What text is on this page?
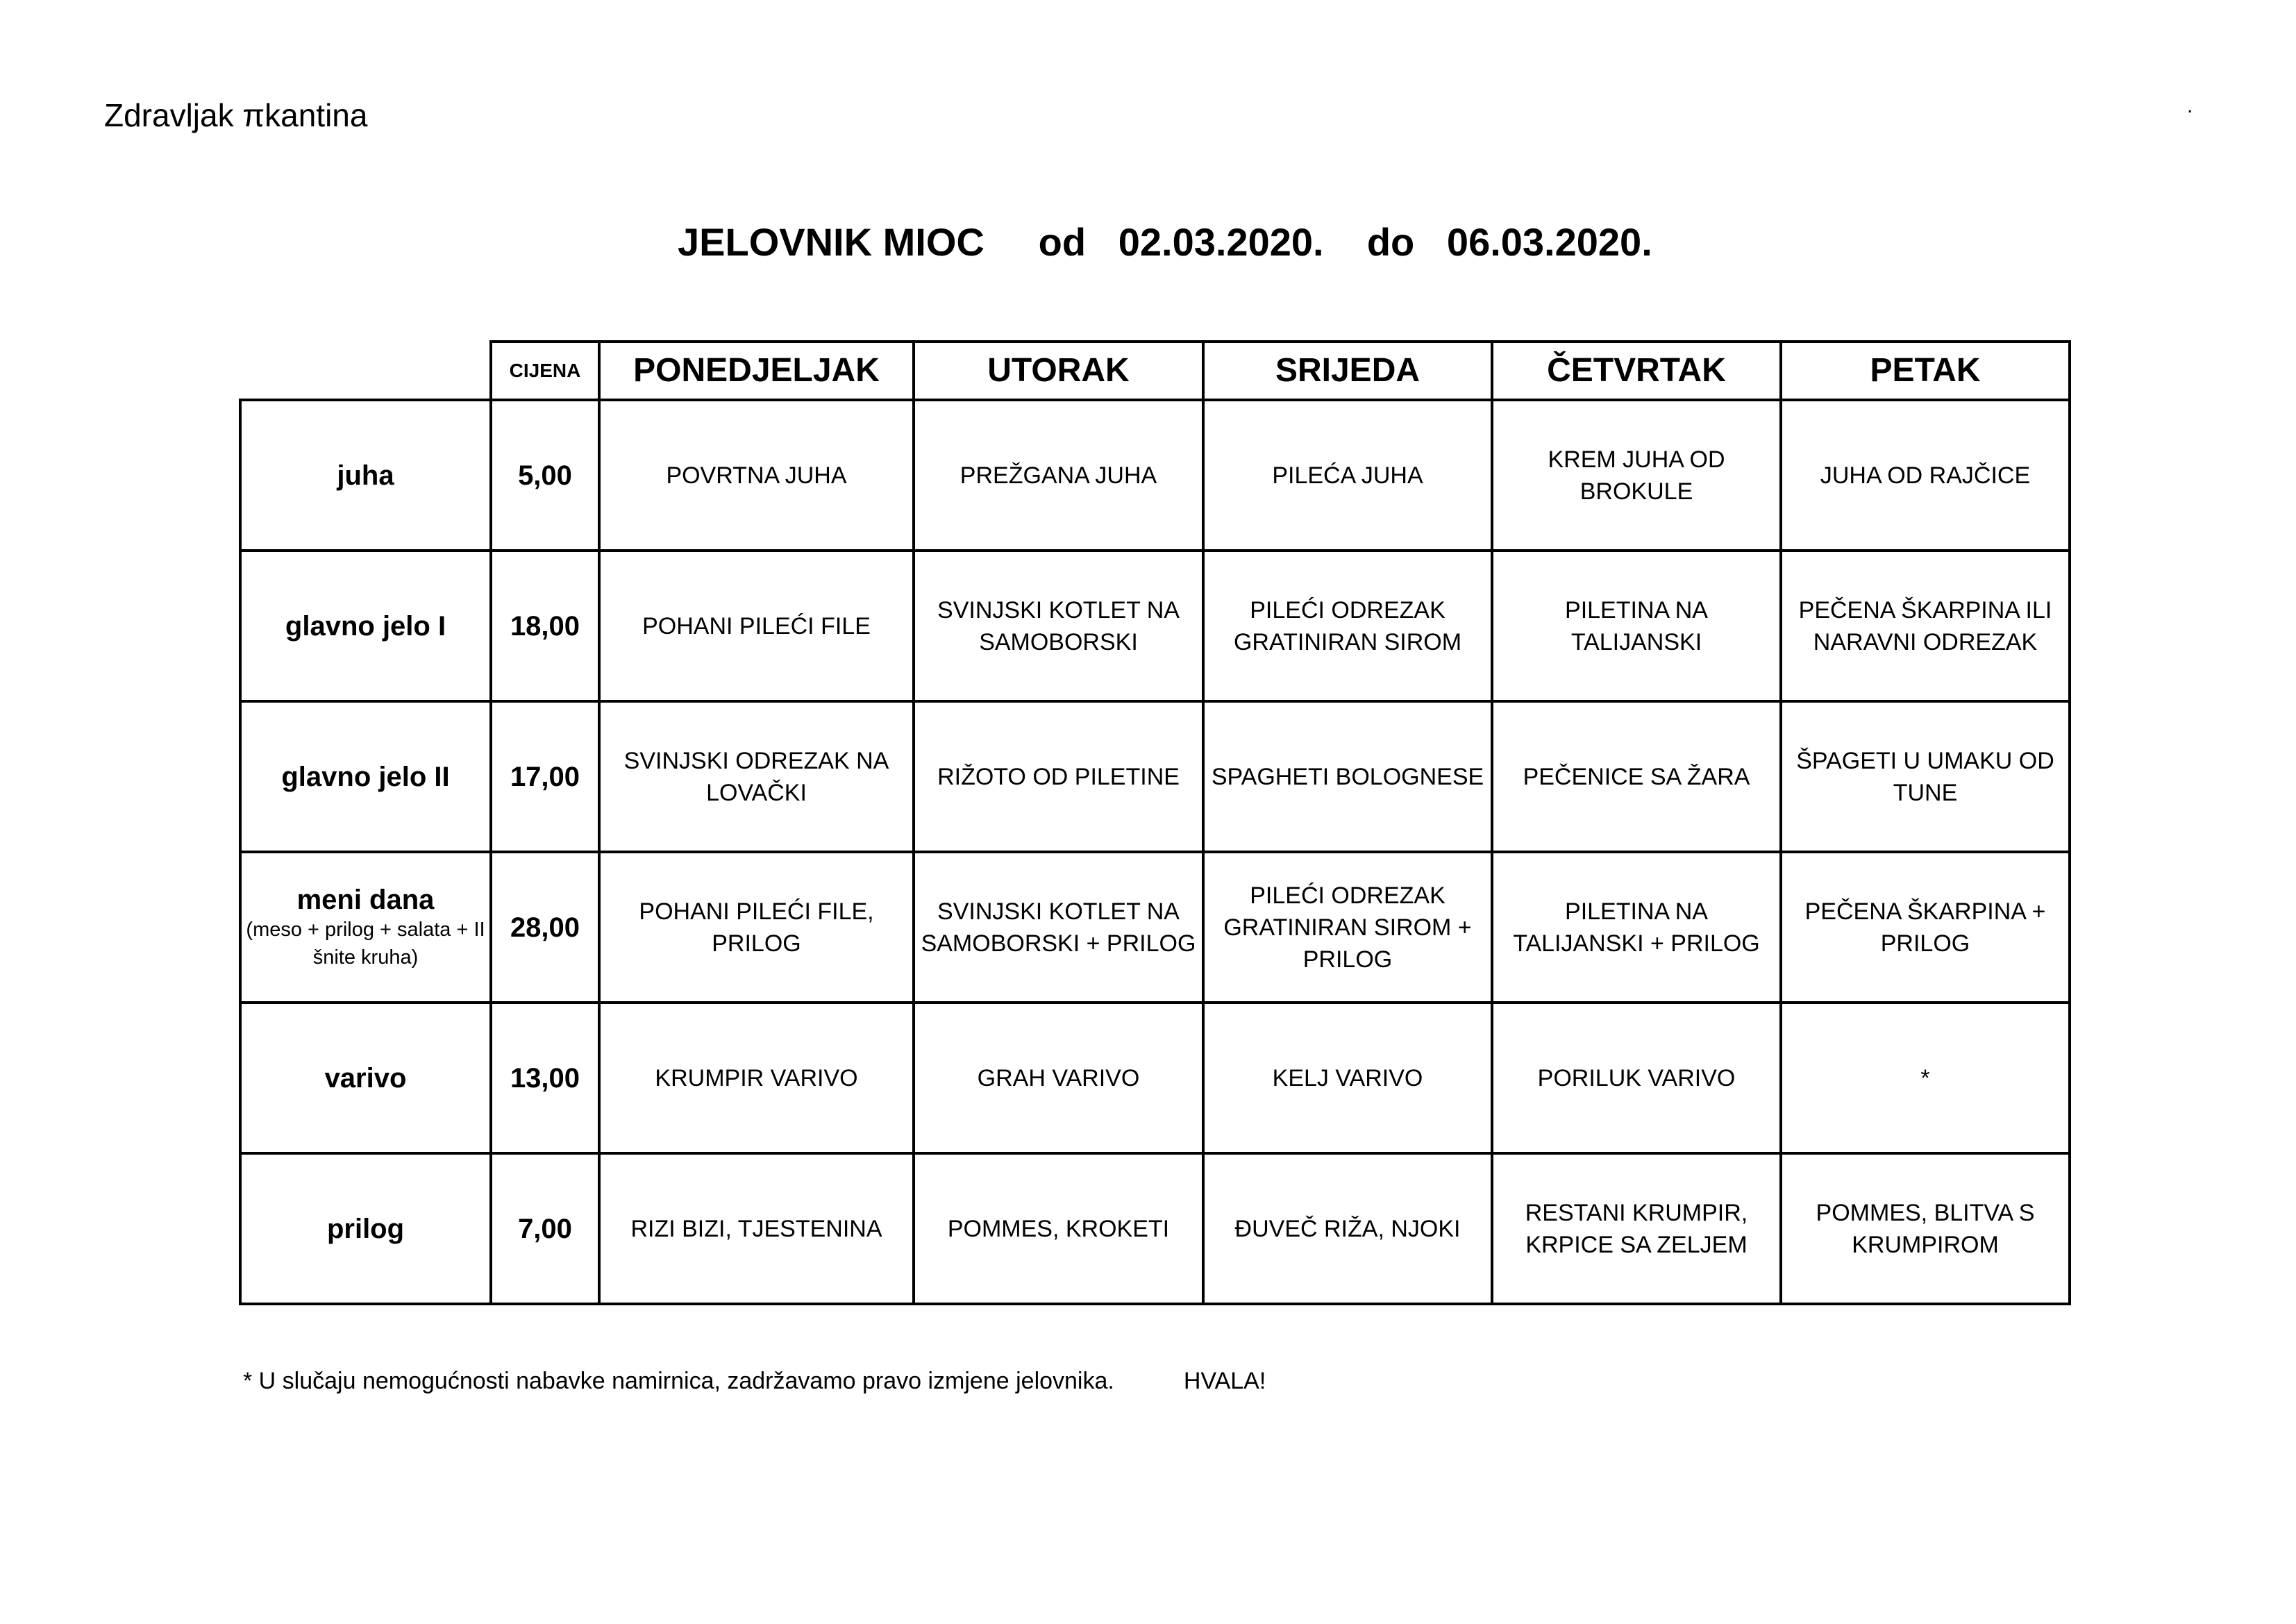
Zdravljak πkantina	.
JELOVNIK MIOC od 02.03.2020. do 06.03.2020.
	CIJENA	PONEDJELJAK	UTORAK	SRIJEDA	ČETVRTAK	PETAK
juha	5,00	POVRTNA JUHA	PREŽGANA JUHA	PILEĆA JUHA	KREM JUHA OD BROKULE	JUHA OD RAJČICE
glavno jelo I	18,00	POHANI PILEĆI FILE	SVINJSKI KOTLET NA SAMOBORSKI	PILEĆI ODREZAK GRATINIRAN SIROM	PILETINA NA TALIJANSKI	PEČENA ŠKARPINA ILI NARAVNI ODREZAK
glavno jelo II	17,00	SVINJSKI ODREZAK NA LOVAČKI	RIŽOTO OD PILETINE	SPAGHETI BOLOGNESE	PEČENICE SA ŽARA	ŠPAGETI U UMAKU OD TUNE
meni dana
(meso + prilog + salata + II šnite kruha)	28,00	POHANI PILEĆI FILE, PRILOG	SVINJSKI KOTLET NA SAMOBORSKI + PRILOG	PILEĆI ODREZAK GRATINIRAN SIROM + PRILOG	PILETINA NA TALIJANSKI + PRILOG	PEČENA ŠKARPINA + PRILOG
varivo	13,00	KRUMPIR VARIVO	GRAH VARIVO	KELJ VARIVO	PORILUK VARIVO	*
prilog	7,00	RIZI BIZI, TJESTENINA	POMMES, KROKETI	ĐUVEČ RIŽA, NJOKI	RESTANI KRUMPIR, KRPICE SA ZELJEM	POMMES, BLITVA S KRUMPIROM
* U slučaju nemogućnosti nabavke namirnica, zadržavamo pravo izmjene jelovnika.	HVALA!
